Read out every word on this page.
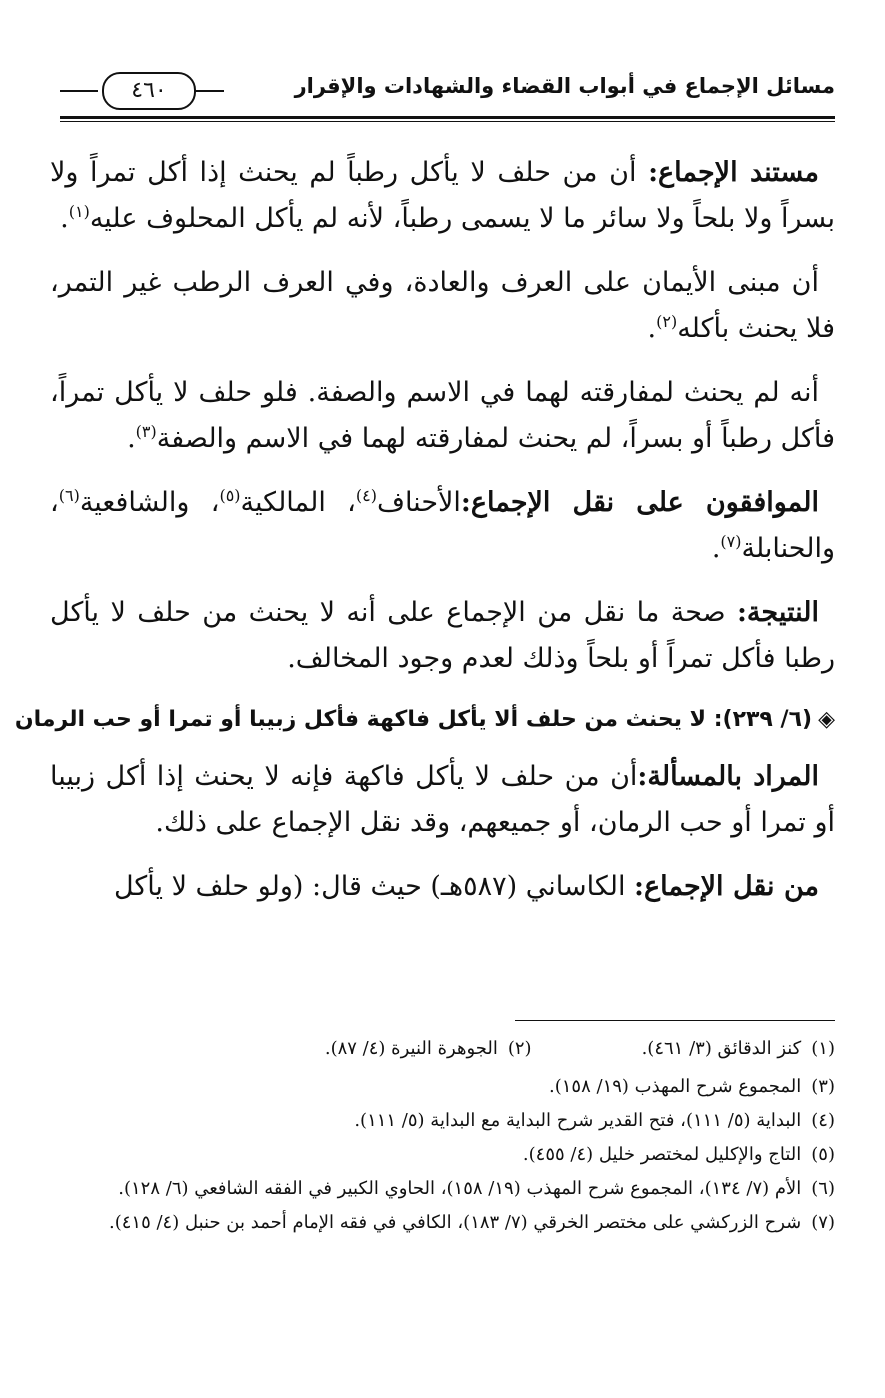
مسائل الإجماع في أبواب القضاء والشهادات والإقرار
٤٦٠

مستند الإجماع: أن من حلف لا يأكل رطباً لم يحنث إذا أكل تمراً ولا بسراً ولا بلحاً ولا سائر ما لا يسمى رطباً، لأنه لم يأكل المحلوف عليه$^{(١)}$.

أن مبنى الأيمان على العرف والعادة، وفي العرف الرطب غير التمر، فلا يحنث بأكله$^{(٢)}$.

أنه لم يحنث لمفارقته لهما في الاسم والصفة. فلو حلف لا يأكل تمراً، فأكل رطباً أو بسراً، لم يحنث لمفارقته لهما في الاسم والصفة$^{(٣)}$.

الموافقون على نقل الإجماع:الأحناف$^{(٤)}$، المالكية$^{(٥)}$، والشافعية$^{(٦)}$، والحنابلة$^{(٧)}$.

النتيجة: صحة ما نقل من الإجماع على أنه لا يحنث من حلف لا يأكل رطبا فأكل تمراً أو بلحاً وذلك لعدم وجود المخالف.

◈(٦/ ٢٣٩): لا يحنث من حلف ألا يأكل فاكهة فأكل زبيبا أو تمرا أو حب الرمان

المراد بالمسألة:أن من حلف لا يأكل فاكهة فإنه لا يحنث إذا أكل زبيبا أو تمرا أو حب الرمان، أو جميعهم، وقد نقل الإجماع على ذلك.

من نقل الإجماع: الكاساني (٥٨٧هـ) حيث قال: (ولو حلف لا يأكل

(١)كنز الدقائق (٣/ ٤٦١).
(٢)الجوهرة النيرة (٤/ ٨٧).
(٣)المجموع شرح المهذب (١٩/ ١٥٨).
(٤)البداية (٥/ ١١١)، فتح القدير شرح البداية مع البداية (٥/ ١١١).
(٥)التاج والإكليل لمختصر خليل (٤/ ٤٥٥).
(٦)الأم (٧/ ١٣٤)، المجموع شرح المهذب (١٩/ ١٥٨)، الحاوي الكبير في الفقه الشافعي (٦/ ١٢٨).
(٧)شرح الزركشي على مختصر الخرقي (٧/ ١٨٣)، الكافي في فقه الإمام أحمد بن حنبل (٤/ ٤١٥).
